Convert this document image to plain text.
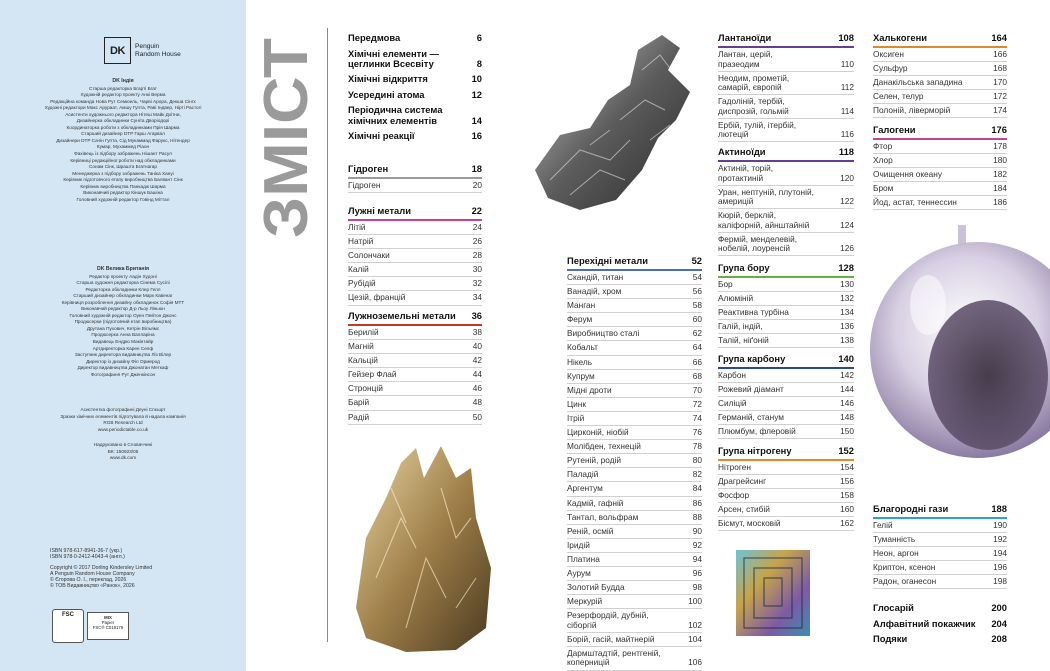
DK	Penguin Random House
DK Індія
Старша редакторка Бгарті Бгат
Художній редактор проекту Анкі Верма
Редакційна команда Нова Рут Семюель, Чарві Арора, Декша Сінгх
Художні редактори Макс Арурaат, Амшу Гупта, Раві Індвер, Нірті Растогі
Асистенти художнього редактора Нітеш Майк Дхітни,
Дизайнерка обкладинки Суніта Дворіодорі
Координаторка роботи з обкладинками Прія Шарма
Старший дизайнер DTP Гарш Агарвал
Дизайнери DTP Сачін Гупта, Сід Мукаммад Фарукс, Нітендер
Кумар, Мухаммед Ріаон
Фахівець із підбору зображень Нішант Расул
Керівниці редакційної роботи над обкладинками
Сонам Сінк, Шрашта Бгатнагар
Менеджерка з підбору зображень Таніка Хануі
Керівник підготовчого етапу виробництва Балвант Сінк
Керівник виробництва Панкадж Шарма
Виконавчий редактор Кіншук Башіна
Головний художній редактор Говінд Міттал
DK Велика Британія
Редактор проекту Аадін Худоні
Старша художня редакторка Сінема Сусілі
Редакторка обкладинки Клер Гелл
Старший дизайнер обкладинки Марк Кавенаг
Керівниця розроблення дизайну обкладинок Софія МТТ
Виконавчий редактор Д-р Льоу Ліньюн
Головний художній редактор Оуен Пейтон Джонс
Продюсерки (підготовчий етап виробництва)
Друтана Пухович, Кетрін Вільямс
Продюсерка Анна Валларіна
Видавець Ендрю Макінтайр
Артдиректорка Карен Селф
Заступник директора видавництва Ліз Вілер
Директор із дизайну Філ Ормерод
Директор видавництва Джонатан Меткаф
Фотографиня Рут Дженкінсон
Асистентка фотографині Деуні Спєшрт
Зразки хімічних елементів підготувала й надала компанія
RGB Research Ltd
www.periodictable.co.uk
Надруковано в Словаччині
ВК: 150923/05
www.dk.com
ISBN 978-617-8941-36-7 (укр.)
ISBN 978-0-2412-4043-4 (англ.)
Copyright © 2017 Dorling Kindersley Limited
A Penguin Random House Company
© Єгорова О. І., переклад, 2026
© ТОВ Видавництво «Ранок», 2026
FSC	MIX
Papier
FSC® C018179
ЗМІСТ
Передмова	6
Хімічні елементи —
цеглинки Всесвіту	8
Хімічні відкриття	10
Усередині атома	12
Періодична система
хімічних елементів	14
Хімічні реакції	16
Гідроген	18
Гідроген	20
Лужні метали	22
Літій	24
Натрій	26
Солончаки	28
Калій	30
Рубідій	32
Цезій, францій	34
Лужноземельні метали 36
Берилій	38
Магній	40
Кальцій	42
Гейзер Флай	44
Стронцій	46
Барій	48
Радій	50
Перехідні метали	52
Скандій, титан	54
Ванадій, хром	56
Манган	58
Ферум	60
Виробництво сталі	62
Кобальт	64
Нікель	66
Купрум	68
Мідні дроти	70
Цинк	72
Ітрій	74
Цирконій, ніобій	76
Молібден, технецій	78
Рутеній, родій	80
Паладій	82
Аргентум	84
Кадмій, гафній	86
Тантал, вольфрам	88
Реній, осмій	90
Іридій	92
Платина	94
Аурум	96
Золотий Будда	98
Меркурій	100
Резерфордій, дубній,
сіборгій	102
Борій, гасій, майтнерій	104
Дармштадтій, рентгеній,
коперницій	106
Лантаноїди	108
Лантан, церій,
празеодим	110
Неодим, прометій,
самарій, європій	112
Гадоліній, тербій,
диспрозій, гольмій	114
Ербій, тулій, ітербій,
лютецій	116
Актиноїди	118
Актиній, торій,
протактиній	120
Уран, нептуній, плутоній,
америцій	122
Кюрій, берклій,
каліфорній, айнштайній	124
Фермій, менделевій,
нобелій, лоуренсій	126
Група бору	128
Бор	130
Алюміній	132
Реактивна турбіна	134
Галій, індій,	136
Талій, ніґоній	138
Група карбону	140
Карбон	142
Рожевий діамант	144
Силіцій	146
Германій, станум	148
Плюмбум, флеровій	150
Група нітрогену	152
Нітроген	154
Драгрейсинг	156
Фосфор	158
Арсен, стибій	160
Бісмут, московій	162
Халькогени	164
Оксиген	166
Сульфур	168
Данакільська западина	170
Селен, телур	172
Полоній, ліверморій	174
Галогени	176
Фтор	178
Хлор	180
Очищення океану	182
Бром	184
Йод, астат, теннессин	186
Благородні гази	188
Гелій	190
Туманність	192
Неон, аргон	194
Криптон, ксенон	196
Радон, оганесон	198
Глосарій	200
Алфавітний покажчик 204
Подяки	208
